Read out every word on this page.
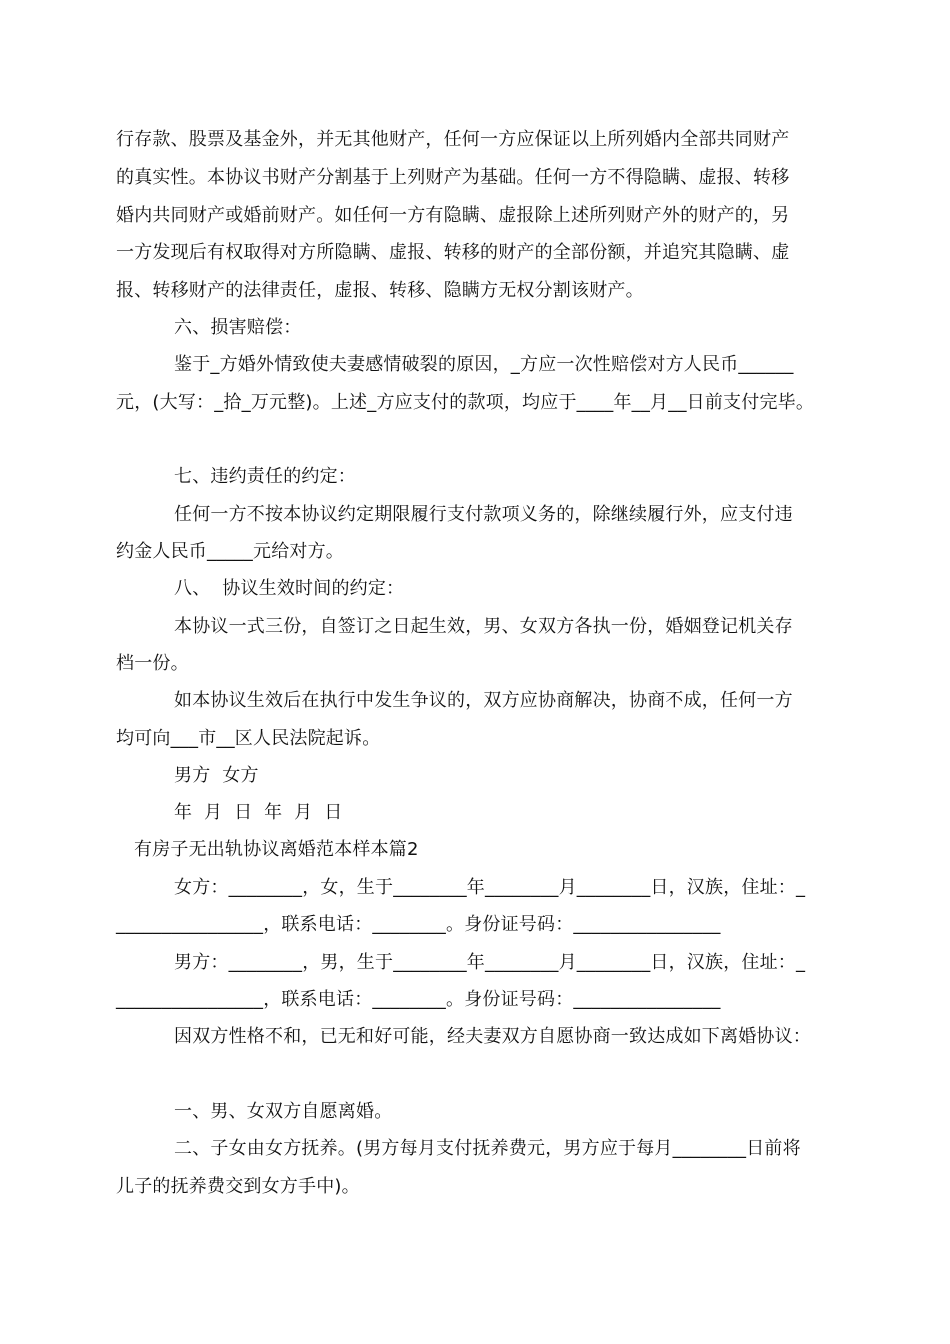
行存款、股票及基金外，并无其他财产，任何一方应保证以上所列婚内全部共同财产
的真实性。本协议书财产分割基于上列财产为基础。任何一方不得隐瞒、虚报、转移
婚内共同财产或婚前财产。如任何一方有隐瞒、虚报除上述所列财产外的财产的，另
一方发现后有权取得对方所隐瞒、虚报、转移的财产的全部份额，并追究其隐瞒、虚
报、转移财产的法律责任，虚报、转移、隐瞒方无权分割该财产。
六、损害赔偿：
鉴于_方婚外情致使夫妻感情破裂的原因，_方应一次性赔偿对方人民币______
元，(大写：_拾_万元整)。上述_方应支付的款项，均应于____年__月__日前支付完毕。
七、违约责任的约定：
任何一方不按本协议约定期限履行支付款项义务的，除继续履行外，应支付违
约金人民币_____元给对方。
八、  协议生效时间的约定：
本协议一式三份，自签订之日起生效，男、女双方各执一份，婚姻登记机关存
档一份。
如本协议生效后在执行中发生争议的，双方应协商解决，协商不成，任何一方
均可向___市__区人民法院起诉。
男方  女方
年  月  日  年  月  日
有房子无出轨协议离婚范本样本篇2
女方：________，女，生于________年________月________日，汉族，住址：_
________________，联系电话：________。身份证号码：________________
男方：________，男，生于________年________月________日，汉族，住址：_
________________，联系电话：________。身份证号码：________________
因双方性格不和，已无和好可能，经夫妻双方自愿协商一致达成如下离婚协议：
一、男、女双方自愿离婚。
二、子女由女方抚养。(男方每月支付抚养费元，男方应于每月________日前将
儿子的抚养费交到女方手中)。
